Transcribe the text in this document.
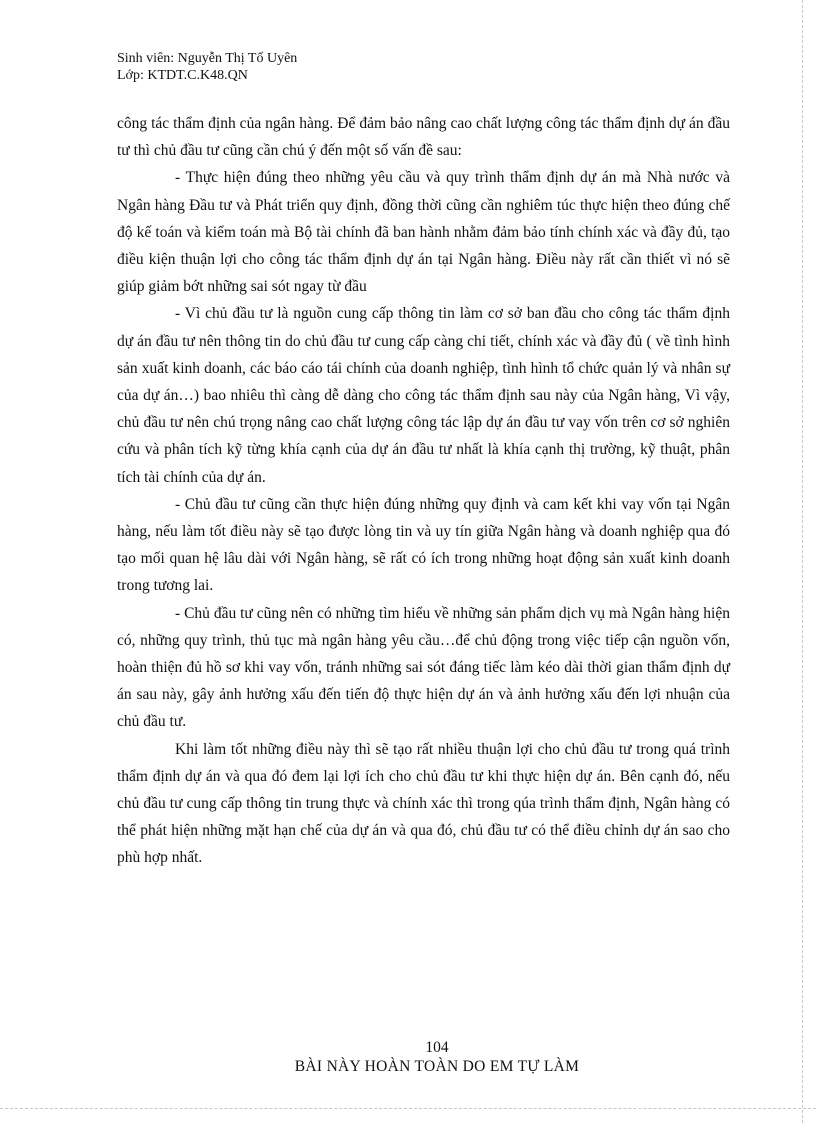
Sinh viên: Nguyễn Thị Tố Uyên
Lớp: KTDT.C.K48.QN

công tác thẩm định của ngân hàng. Để đảm bảo nâng cao chất lượng công tác thẩm định dự án đầu tư thì chủ đầu tư cũng cần chú ý đến một số vấn đề sau:

- Thực hiện đúng theo những yêu cầu và quy trình thẩm định dự án mà Nhà nước và Ngân hàng Đầu tư và Phát triển quy định, đồng thời cũng cần nghiêm túc thực hiện theo đúng chế độ kế toán và kiểm toán mà Bộ tài chính đã ban hành nhằm đảm bảo tính chính xác và đầy đủ, tạo điều kiện thuận lợi cho công tác thẩm định dự án tại Ngân hàng. Điều này rất cần thiết vì nó sẽ giúp giảm bớt những sai sót ngay từ đầu

- Vì chủ đầu tư là nguồn cung cấp thông tin làm cơ sở ban đầu cho công tác thẩm định dự án đầu tư nên thông tin do chủ đầu tư cung cấp càng chi tiết, chính xác và đầy đủ ( về tình hình sản xuất kinh doanh, các báo cáo tái chính của doanh nghiệp, tình hình tổ chức quản lý và nhân sự của dự án…) bao nhiêu thì càng dễ dàng cho công tác thẩm định sau này của Ngân hàng, Vì vậy, chủ đầu tư nên chú trọng nâng cao chất lượng công tác lập dự án đầu tư vay vốn trên cơ sở nghiên cứu và phân tích kỹ từng khía cạnh của dự án đầu tư nhất là khía cạnh thị trường, kỹ thuật, phân tích tài chính của dự án.

- Chủ đầu tư cũng cần thực hiện đúng những quy định và cam kết khi vay vốn tại Ngân hàng, nếu làm tốt điều này sẽ tạo được lòng tin và uy tín giữa Ngân hàng và doanh nghiệp qua đó tạo mối quan hệ lâu dài với Ngân hàng, sẽ rất có ích trong những hoạt động sản xuất kinh doanh trong tương lai.

- Chủ đầu tư cũng nên có những tìm hiểu về những sản phẩm dịch vụ mà Ngân hàng hiện có, những quy trình, thủ tục mà ngân hàng yêu cầu…để chủ động trong việc tiếp cận nguồn vốn, hoàn thiện đủ hồ sơ khi vay vốn, tránh những sai sót đáng tiếc làm kéo dài thời gian thẩm định dự án sau này, gây ảnh hưởng xấu đến tiến độ thực hiện dự án và ảnh hưởng xấu đến lợi nhuận của chủ đầu tư.

Khi làm tốt những điều này thì sẽ tạo rất nhiều thuận lợi cho chủ đầu tư trong quá trình thẩm định dự án và qua đó đem lại lợi ích cho chủ đầu tư khi thực hiện dự án. Bên cạnh đó, nếu chủ đầu tư cung cấp thông tin trung thực và chính xác thì trong qúa trình thẩm định, Ngân hàng có thể phát hiện những mặt hạn chế của dự án và qua đó, chủ đầu tư có thể điều chỉnh dự án sao cho phù hợp nhất.

104
BÀI NÀY HOÀN TOÀN DO EM TỰ LÀM
